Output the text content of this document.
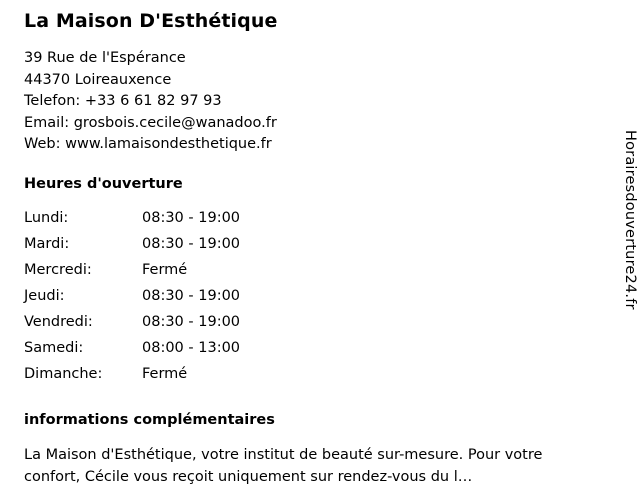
La Maison D'Esthétique
39 Rue de l'Espérance
44370 Loireauxence
Telefon: +33 6 61 82 97 93
Email: grosbois.cecile@wanadoo.fr
Web: www.lamaisondesthetique.fr
Heures d'ouverture
Lundi:	08:30 - 19:00
Mardi:	08:30 - 19:00
Mercredi:	Fermé
Jeudi:	08:30 - 19:00
Vendredi:	08:30 - 19:00
Samedi:	08:00 - 13:00
Dimanche:	Fermé
informations complémentaires
La Maison d'Esthétique, votre institut de beauté sur-mesure. Pour votre confort, Cécile vous reçoit uniquement sur rendez-vous du l…
Horairesdouverture24.fr
